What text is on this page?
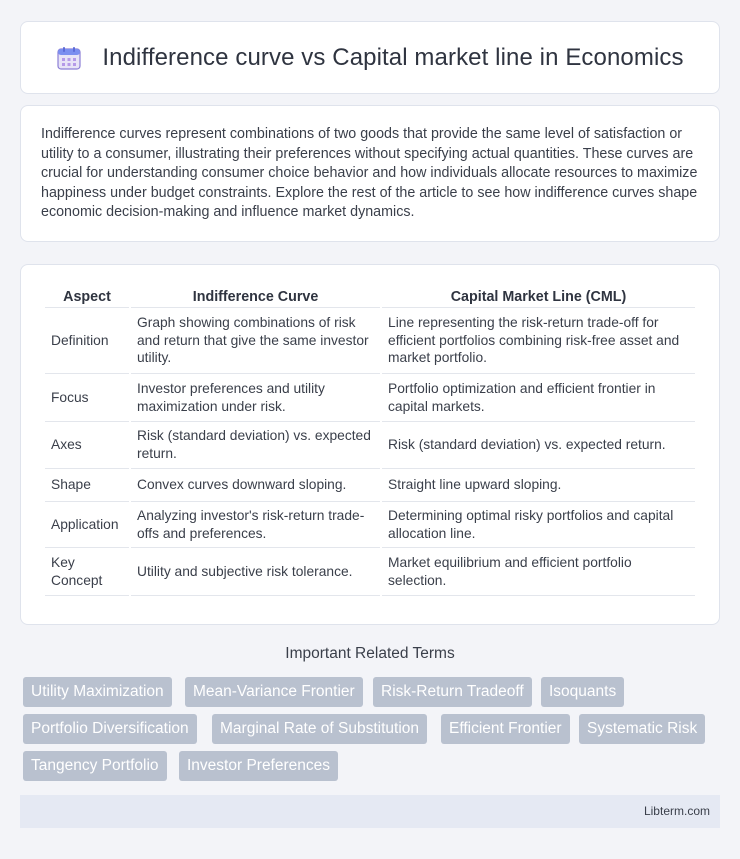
Indifference curve vs Capital market line in Economics

Indifference curves represent combinations of two goods that provide the same level of satisfaction or utility to a consumer, illustrating their preferences without specifying actual quantities. These curves are crucial for understanding consumer choice behavior and how individuals allocate resources to maximize happiness under budget constraints. Explore the rest of the article to see how indifference curves shape economic decision-making and influence market dynamics.

Aspect	Indifference Curve	Capital Market Line (CML)
Definition	Graph showing combinations of risk and return that give the same investor utility.	Line representing the risk-return trade-off for efficient portfolios combining risk-free asset and market portfolio.
Focus	Investor preferences and utility maximization under risk.	Portfolio optimization and efficient frontier in capital markets.
Axes	Risk (standard deviation) vs. expected return.	Risk (standard deviation) vs. expected return.
Shape	Convex curves downward sloping.	Straight line upward sloping.
Application	Analyzing investor's risk-return trade-offs and preferences.	Determining optimal risky portfolios and capital allocation line.
Key Concept	Utility and subjective risk tolerance.	Market equilibrium and efficient portfolio selection.
Important Related Terms
Utility Maximization	Mean-Variance Frontier	Risk-Return Tradeoff	Isoquants
Portfolio Diversification	Marginal Rate of Substitution	Efficient Frontier	Systematic Risk
Tangency Portfolio	Investor Preferences
Libterm.com
